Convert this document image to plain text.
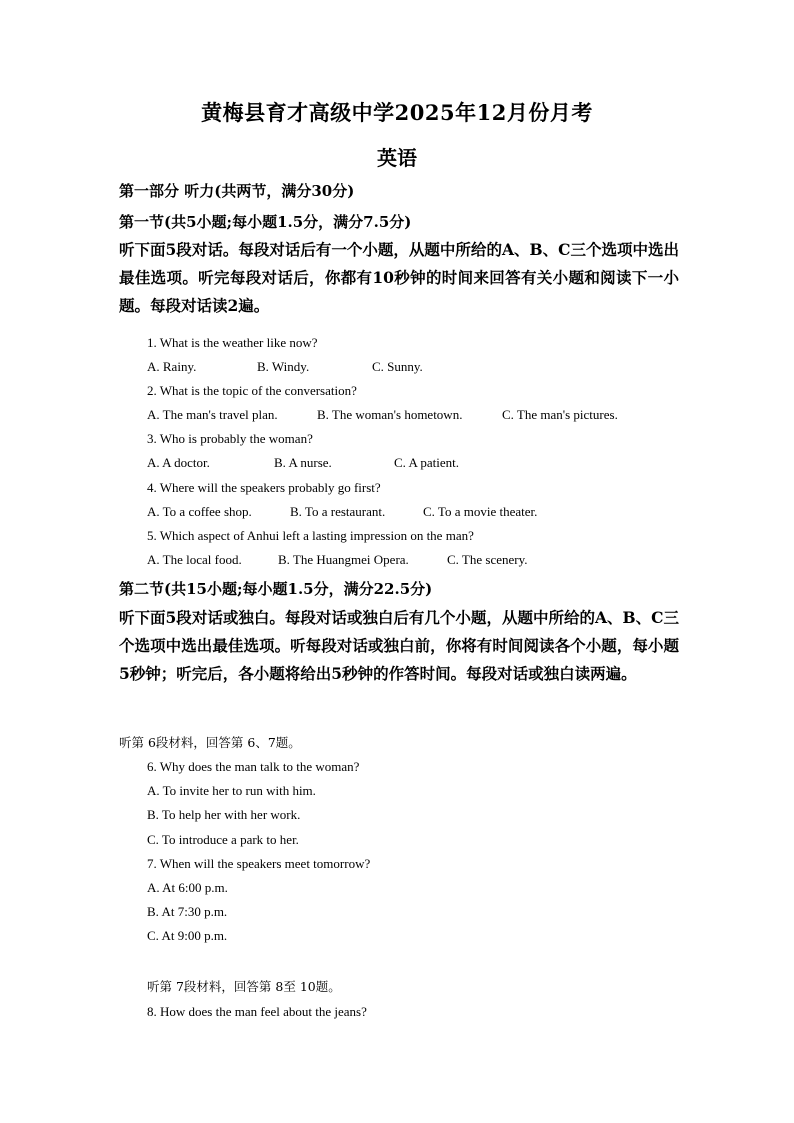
黄梅县育才高级中学2025年12月份月考
英语
第一部分 听力(共两节，满分30分)
第一节(共5小题;每小题1.5分，满分7.5分)
听下面5段对话。每段对话后有一个小题，从题中所给的A、B、C三个选项中选出最佳选项。听完每段对话后，你都有10秒钟的时间来回答有关小题和阅读下一小题。每段对话读2遍。
1. What is the weather like now?
A. Rainy.	B. Windy.	C. Sunny.
2. What is the topic of the conversation?
A. The man's travel plan.	B. The woman's hometown.	C. The man's pictures.
3. Who is probably the woman?
A. A doctor.	B. A nurse.	C. A patient.
4. Where will the speakers probably go first?
A. To a coffee shop.	B. To a restaurant.	C. To a movie theater.
5. Which aspect of Anhui left a lasting impression on the man?
A. The local food.	B. The Huangmei Opera.	C. The scenery.
第二节(共15小题;每小题1.5分，满分22.5分)
听下面5段对话或独白。每段对话或独白后有几个小题，从题中所给的A、B、C三个选项中选出最佳选项。听每段对话或独白前，你将有时间阅读各个小题，每小题5秒钟；听完后，各小题将给出5秒钟的作答时间。每段对话或独白读两遍。
听第 6段材料，回答第 6、7题。
6. Why does the man talk to the woman?
A. To invite her to run with him.
B. To help her with her work.
C. To introduce a park to her.
7. When will the speakers meet tomorrow?
A. At 6:00 p.m.
B. At 7:30 p.m.
C. At 9:00 p.m.
听第 7段材料，回答第 8至 10题。
8. How does the man feel about the jeans?
